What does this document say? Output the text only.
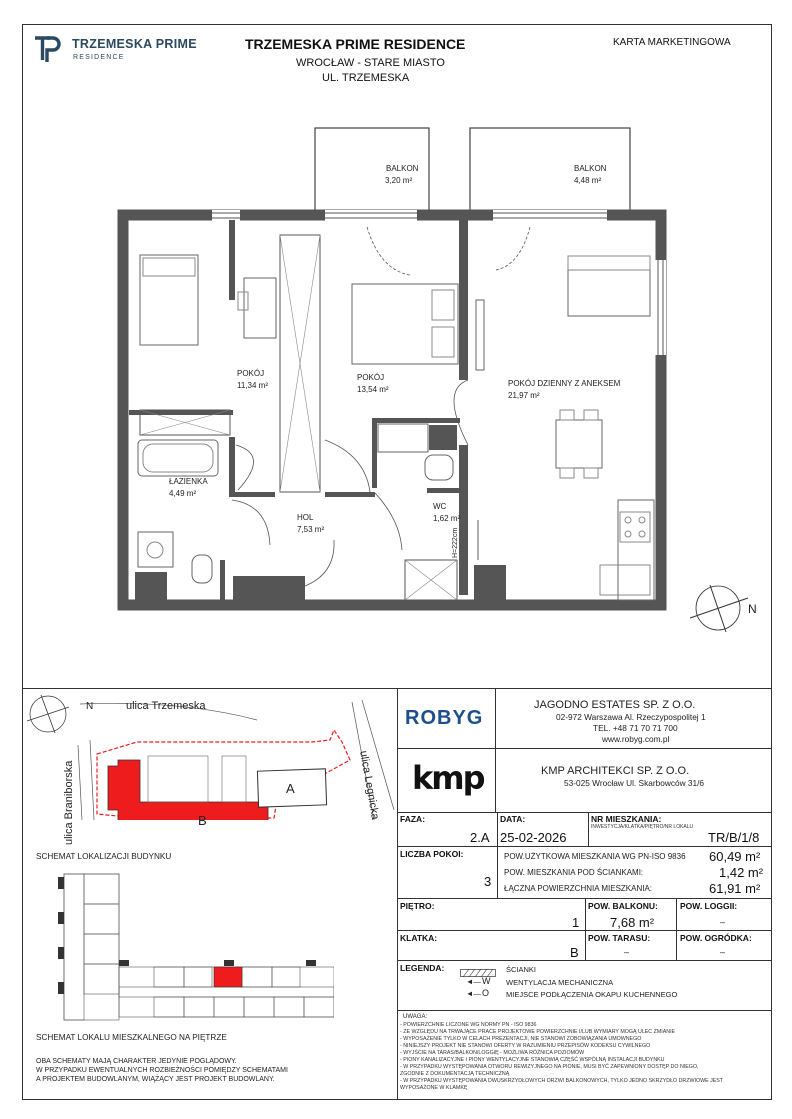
TRZEMESKA PRIME
RESIDENCE
TRZEMESKA PRIME RESIDENCE
WROCŁAW - STARE MIASTO
UL. TRZEMESKA
KARTA MARKETINGOWA
BALKON
3,20 m²
BALKON
4,48 m²
POKÓJ
11,34 m²
POKÓJ
13,54 m²
POKÓJ DZIENNY Z ANEKSEM
21,97 m²
ŁAZIENKA
4,49 m²
HOL
7,53 m²
WC
1,62 m²
H=222cm
N
ulica Trzemeska
ulica Braniborska	ulica Legnicka
A
B
N
SCHEMAT LOKALIZACJI BUDYNKU
SCHEMAT LOKALU MIESZKALNEGO NA PIĘTRZE
OBA SCHEMATY MAJĄ CHARAKTER JEDYNIE POGLĄDOWY.
W PRZYPADKU EWENTUALNYCH ROZBIEŻNOŚCI POMIĘDZY SCHEMATAMI
A PROJEKTEM BUDOWLANYM, WIĄŻĄCY JEST PROJEKT BUDOWLANY.
ROBYG
JAGODNO ESTATES SP. Z O.O.
02-972 Warszawa Al. Rzeczypospolitej 1
TEL. +48 71 70 71 700
www.robyg.com.pl
kmp	KMP ARCHITEKCI SP. Z O.O.
53-025 Wrocław Ul. Skarbowców 31/6
FAZA:
2.A
DATA:
25-02-2026
NR MIESZKANIA:
INWESTYCJA/KLATKA/PIĘTRO/NR LOKALU
TR/B/1/8
LICZBA POKOI:
3
POW.UŻYTKOWA MIESZKANIA WG PN-ISO 9836 60,49 m²
POW. MIESZKANIA POD ŚCIANKAMI:	1,42 m²
ŁĄCZNA POWIERZCHNIA MIESZKANIA:	61,91 m²
PIĘTRO:
1
POW. BALKONU:
7,68 m²
POW. LOGGII:
–
KLATKA:
B
POW. TARASU:
–
POW. OGRÓDKA:
–
LEGENDA:	ŚCIANKI
◄— W WENTYLACJA MECHANICZNA
◄— O MIEJSCE PODŁĄCZENIA OKAPU KUCHENNEGO
UWAGA:
- POWIERZCHNIE LICZONE WG NORMY PN - ISO 9836
- ZE WZGLĘDU NA TRWAJĄCE PRACE PROJEKTOWE POWIERZCHNIE I/LUB WYMIARY MOGĄ ULEC ZMIANIE
- WYPOSAŻENIE TYLKO W CELACH PREZENTACJI, NIE STANOWI ZOBOWIĄZANIA UMOWNEGO
- NINIEJSZY PROJEKT NIE STANOWI OFERTY W RAZUMIENIU PRZEPISÓW KODEKSU CYWILNEGO
- WYJŚCIE NA TARAS/BALKON/LOGGIĘ - MOŻLIWA RÓŻNICA POZIOMÓW
- PIONY KANALIZACYJNE I PIONY WENTYLACYJNE STANOWIĄ CZĘŚĆ WSPÓLNĄ INSTALACJI BUDYNKU
- W PRZYPADKU WYSTĘPOWANIA OTWORU REWIZYJNEGO NA PIONIE, MUSI BYĆ ZAPEWNIONY DOSTĘP DO NIEGO,
ZGODNIE Z DOKUMENTACJĄ TECHNICZNĄ
- W PRZYPADKU WYSTĘPOWANIA DWUSKRZYDŁOWYCH DRZWI BALKONOWYCH, TYLKO JEDNO SKRZYDŁO DRZWIOWE JEST
WYPOSAŻONE W KLAMKĘ
